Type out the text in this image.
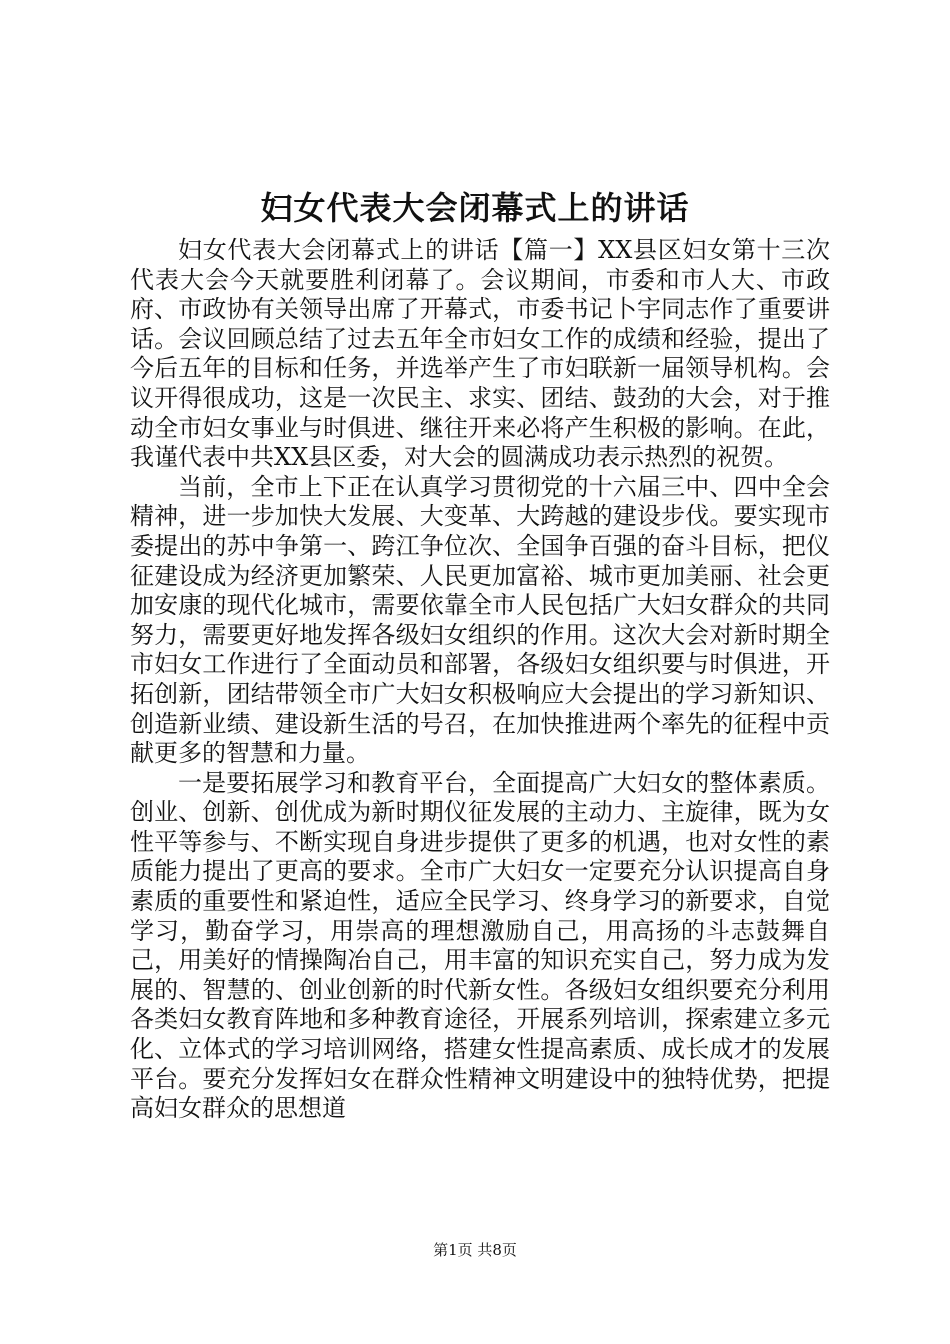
妇女代表大会闭幕式上的讲话

妇女代表大会闭幕式上的讲话【篇一】XX县区妇女第十三次代表大会今天就要胜利闭幕了。会议期间，市委和市人大、市政府、市政协有关领导出席了开幕式，市委书记卜宇同志作了重要讲话。会议回顾总结了过去五年全市妇女工作的成绩和经验，提出了今后五年的目标和任务，并选举产生了市妇联新一届领导机构。会议开得很成功，这是一次民主、求实、团结、鼓劲的大会，对于推动全市妇女事业与时俱进、继往开来必将产生积极的影响。在此，我谨代表中共XX县区委，对大会的圆满成功表示热烈的祝贺。

当前，全市上下正在认真学习贯彻党的十六届三中、四中全会精神，进一步加快大发展、大变革、大跨越的建设步伐。要实现市委提出的苏中争第一、跨江争位次、全国争百强的奋斗目标，把仪征建设成为经济更加繁荣、人民更加富裕、城市更加美丽、社会更加安康的现代化城市，需要依靠全市人民包括广大妇女群众的共同努力，需要更好地发挥各级妇女组织的作用。这次大会对新时期全市妇女工作进行了全面动员和部署，各级妇女组织要与时俱进，开拓创新，团结带领全市广大妇女积极响应大会提出的学习新知识、创造新业绩、建设新生活的号召，在加快推进两个率先的征程中贡献更多的智慧和力量。

一是要拓展学习和教育平台，全面提高广大妇女的整体素质。创业、创新、创优成为新时期仪征发展的主动力、主旋律，既为女性平等参与、不断实现自身进步提供了更多的机遇，也对女性的素质能力提出了更高的要求。全市广大妇女一定要充分认识提高自身素质的重要性和紧迫性，适应全民学习、终身学习的新要求，自觉学习，勤奋学习，用崇高的理想激励自己，用高扬的斗志鼓舞自己，用美好的情操陶冶自己，用丰富的知识充实自己，努力成为发展的、智慧的、创业创新的时代新女性。各级妇女组织要充分利用各类妇女教育阵地和多种教育途径，开展系列培训，探索建立多元化、立体式的学习培训网络，搭建女性提高素质、成长成才的发展平台。要充分发挥妇女在群众性精神文明建设中的独特优势，把提高妇女群众的思想道

第1页 共8页
